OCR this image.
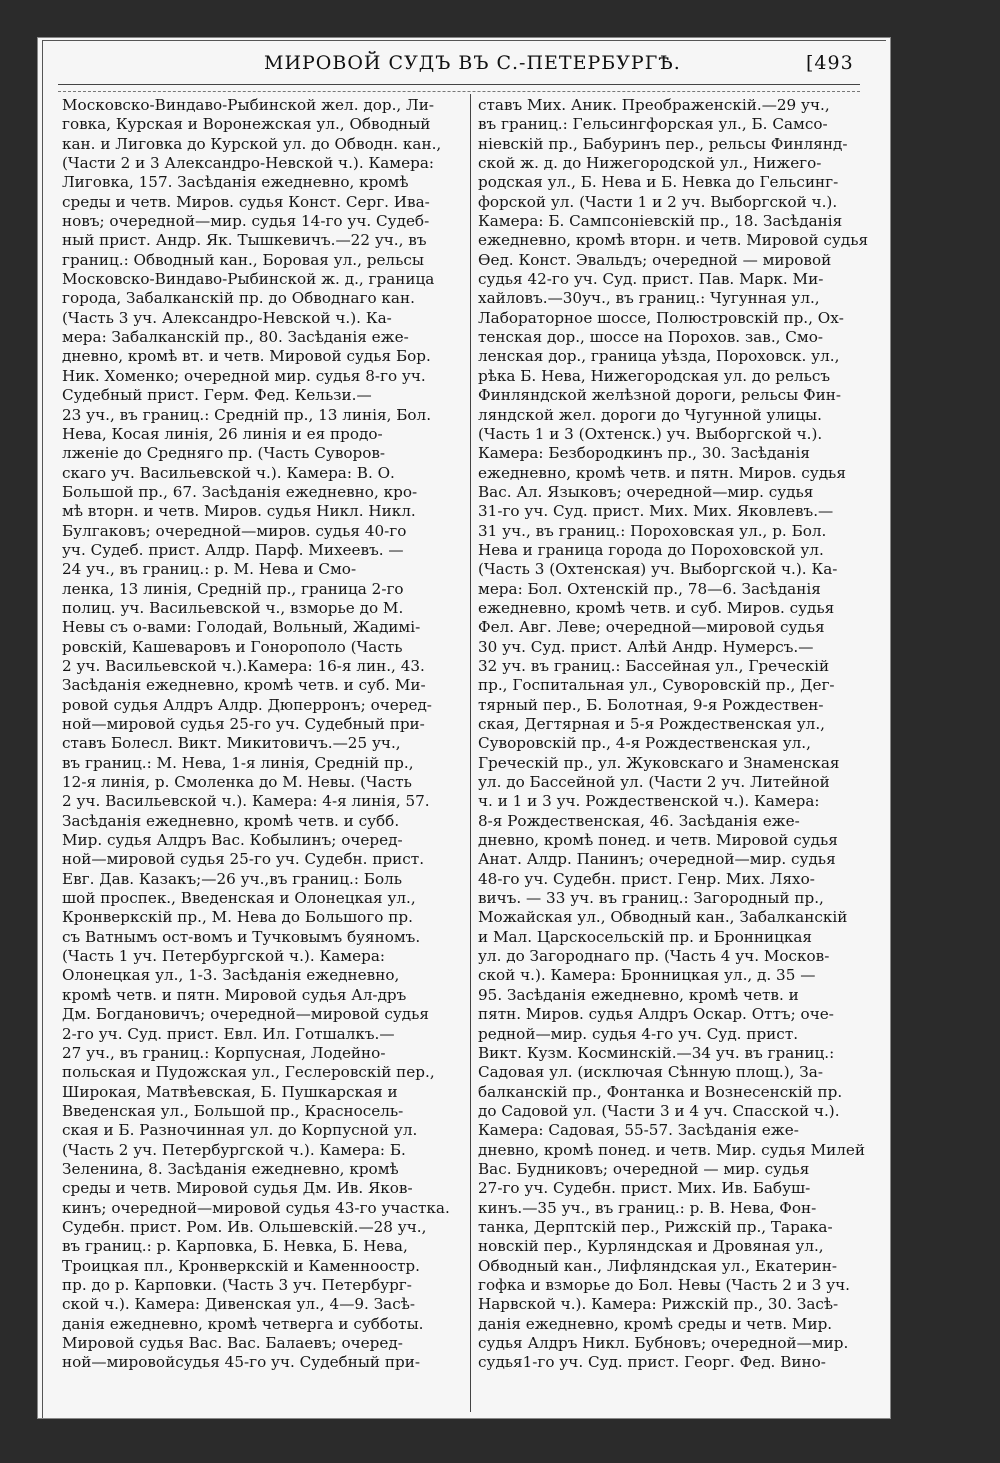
МИРОВОЙ СУДЪ ВЪ С.-ПЕТЕРБУРГѢ.	[493
Московско-Виндаво-Рыбинской жел. дор., Ли-
говка, Курская и Воронежская ул., Обводный
кан. и Лиговка до Курской ул. до Обводн. кан.,
(Части 2 и 3 Александро-Невской ч.). Камера:
Лиговка, 157. Засѣданія ежедневно, кромѣ
среды и четв. Миров. судья Конст. Серг. Ива-
новъ; очередной—мир. судья 14-го уч. Судеб-
ный прист. Андр. Як. Тышкевичъ.—22 уч., въ
границ.: Обводный кан., Боровая ул., рельсы
Московско-Виндаво-Рыбинской ж. д., граница
города, Забалканскій пр. до Обводнаго кан.
(Часть 3 уч. Александро-Невской ч.). Ка-
мера: Забалканскій пр., 80. Засѣданія еже-
дневно, кромѣ вт. и четв. Мировой судья Бор.
Ник. Хоменко; очередной мир. судья 8-го уч.
Судебный прист. Герм. Фед. Кельзи.—
23 уч., въ границ.: Средній пр., 13 линія, Бол.
Нева, Косая линія, 26 линія и ея продо-
лженіе до Средняго пр. (Часть Суворов-
скаго уч. Васильевской ч.). Камера: В. О.
Большой пр., 67. Засѣданія ежедневно, кро-
мѣ вторн. и четв. Миров. судья Никл. Никл.
Булгаковъ; очередной—миров. судья 40-го
уч. Судеб. прист. Алдр. Парф. Михеевъ. —
24 уч., въ границ.: р. М. Нева и Смо-
ленка, 13 линія, Средній пр., граница 2-го
полиц. уч. Васильевской ч., взморье до М.
Невы съ о-вами: Голодай, Вольный, Жадимі-
ровскій, Кашеваровъ и Гонорополо (Часть
2 уч. Васильевской ч.).Камера: 16-я лин., 43.
Засѣданія ежедневно, кромѣ четв. и суб. Ми-
ровой судья Алдръ Алдр. Дюперронъ; очеред-
ной—мировой судья 25-го уч. Судебный при-
ставъ Болесл. Викт. Микитовичъ.—25 уч.,
въ границ.: М. Нева, 1-я линія, Средній пр.,
12-я линія, р. Смоленка до М. Невы. (Часть
2 уч. Васильевской ч.). Камера: 4-я линія, 57.
Засѣданія ежедневно, кромѣ четв. и субб.
Мир. судья Алдръ Вас. Кобылинъ; очеред-
ной—мировой судья 25-го уч. Судебн. прист.
Евг. Дав. Казакъ;—26 уч.,въ границ.: Боль
шой проспек., Введенская и Олонецкая ул.,
Кронверкскій пр., М. Нева до Большого пр.
съ Ватнымъ ост-вомъ и Тучковымъ буяномъ.
(Часть 1 уч. Петербургской ч.). Камера:
Олонецкая ул., 1-3. Засѣданія ежедневно,
кромѣ четв. и пятн. Мировой судья Ал-дръ
Дм. Богдановичъ; очередной—мировой судья
2-го уч. Суд. прист. Евл. Ил. Готшалкъ.—
27 уч., въ границ.: Корпусная, Лодейно-
польская и Пудожская ул., Геслеровскій пер.,
Широкая, Матвѣевская, Б. Пушкарская и
Введенская ул., Большой пр., Красносель-
ская и Б. Разночинная ул. до Корпусной ул.
(Часть 2 уч. Петербургской ч.). Камера: Б.
Зеленина, 8. Засѣданія ежедневно, кромѣ
среды и четв. Мировой судья Дм. Ив. Яков-
кинъ; очередной—мировой судья 43-го участка.
Судебн. прист. Ром. Ив. Ольшевскій.—28 уч.,
въ границ.: р. Карповка, Б. Невка, Б. Нева,
Троицкая пл., Кронверкскій и Каменноостр.
пр. до р. Карповки. (Часть 3 уч. Петербург-
ской ч.). Камера: Дивенская ул., 4—9. Засѣ-
данія ежедневно, кромѣ четверга и субботы.
Мировой судья Вас. Вас. Балаевъ; очеред-
ной—мировойсудья 45-го уч. Судебный при-
ставъ Мих. Аник. Преображенскій.—29 уч.,
въ границ.: Гельсингфорская ул., Б. Самсо-
ніевскій пр., Бабуринъ пер., рельсы Финлянд-
ской ж. д. до Нижегородской ул., Нижего-
родская ул., Б. Нева и Б. Невка до Гельсинг-
форской ул. (Части 1 и 2 уч. Выборгской ч.).
Камера: Б. Сампсоніевскій пр., 18. Засѣданія
ежедневно, кромѣ вторн. и четв. Мировой судья
Ѳед. Конст. Эвальдъ; очередной — мировой
судья 42-го уч. Суд. прист. Пав. Марк. Ми-
хайловъ.—30уч., въ границ.: Чугунная ул.,
Лабораторное шоссе, Полюстровскій пр., Ох-
тенская дор., шоссе на Порохов. зав., Смо-
ленская дор., граница уѣзда, Пороховск. ул.,
рѣка Б. Нева, Нижегородская ул. до рельсъ
Финляндской желѣзной дороги, рельсы Фин-
ляндской жел. дороги до Чугунной улицы.
(Часть 1 и 3 (Охтенск.) уч. Выборгской ч.).
Камера: Безбородкинъ пр., 30. Засѣданія
ежедневно, кромѣ четв. и пятн. Миров. судья
Вас. Ал. Языковъ; очередной—мир. судья
31-го уч. Суд. прист. Мих. Мих. Яковлевъ.—
31 уч., въ границ.: Пороховская ул., р. Бол.
Нева и граница города до Пороховской ул.
(Часть 3 (Охтенская) уч. Выборгской ч.). Ка-
мера: Бол. Охтенскій пр., 78—6. Засѣданія
ежедневно, кромѣ четв. и суб. Миров. судья
Фел. Авг. Леве; очередной—мировой судья
30 уч. Суд. прист. Алѣй Андр. Нумерсъ.—
32 уч. въ границ.: Бассейная ул., Греческій
пр., Госпитальная ул., Суворовскій пр., Дег-
тярный пер., Б. Болотная, 9-я Рождествен-
ская, Дегтярная и 5-я Рождественская ул.,
Суворовскій пр., 4-я Рождественская ул.,
Греческій пр., ул. Жуковскаго и Знаменская
ул. до Бассейной ул. (Части 2 уч. Литейной
ч. и 1 и 3 уч. Рождественской ч.). Камера:
8-я Рождественская, 46. Засѣданія еже-
дневно, кромѣ понед. и четв. Мировой судья
Анат. Алдр. Панинъ; очередной—мир. судья
48-го уч. Судебн. прист. Генр. Мих. Ляхо-
вичъ. — 33 уч. въ границ.: Загородный пр.,
Можайская ул., Обводный кан., Забалканскій
и Мал. Царскосельскій пр. и Бронницкая
ул. до Загороднаго пр. (Часть 4 уч. Москов-
ской ч.). Камера: Бронницкая ул., д. 35 —
95. Засѣданія ежедневно, кромѣ четв. и
пятн. Миров. судья Алдръ Оскар. Оттъ; оче-
редной—мир. судья 4-го уч. Суд. прист.
Викт. Кузм. Косминскій.—34 уч. въ границ.:
Садовая ул. (исключая Сѣнную площ.), За-
балканскій пр., Фонтанка и Вознесенскій пр.
до Садовой ул. (Части 3 и 4 уч. Спасской ч.).
Камера: Садовая, 55-57. Засѣданія еже-
дневно, кромѣ понед. и четв. Мир. судья Милей
Вас. Будниковъ; очередной — мир. судья
27-го уч. Судебн. прист. Мих. Ив. Бабуш-
кинъ.—35 уч., въ границ.: р. В. Нева, Фон-
танка, Дерптскій пер., Рижскій пр., Тарака-
новскій пер., Курляндская и Дровяная ул.,
Обводный кан., Лифляндская ул., Екатерин-
гофка и взморье до Бол. Невы (Часть 2 и 3 уч.
Нарвской ч.). Камера: Рижскій пр., 30. Засѣ-
данія ежедневно, кромѣ среды и четв. Мир.
судья Алдръ Никл. Бубновъ; очередной—мир.
судья1-го уч. Суд. прист. Георг. Фед. Вино-
